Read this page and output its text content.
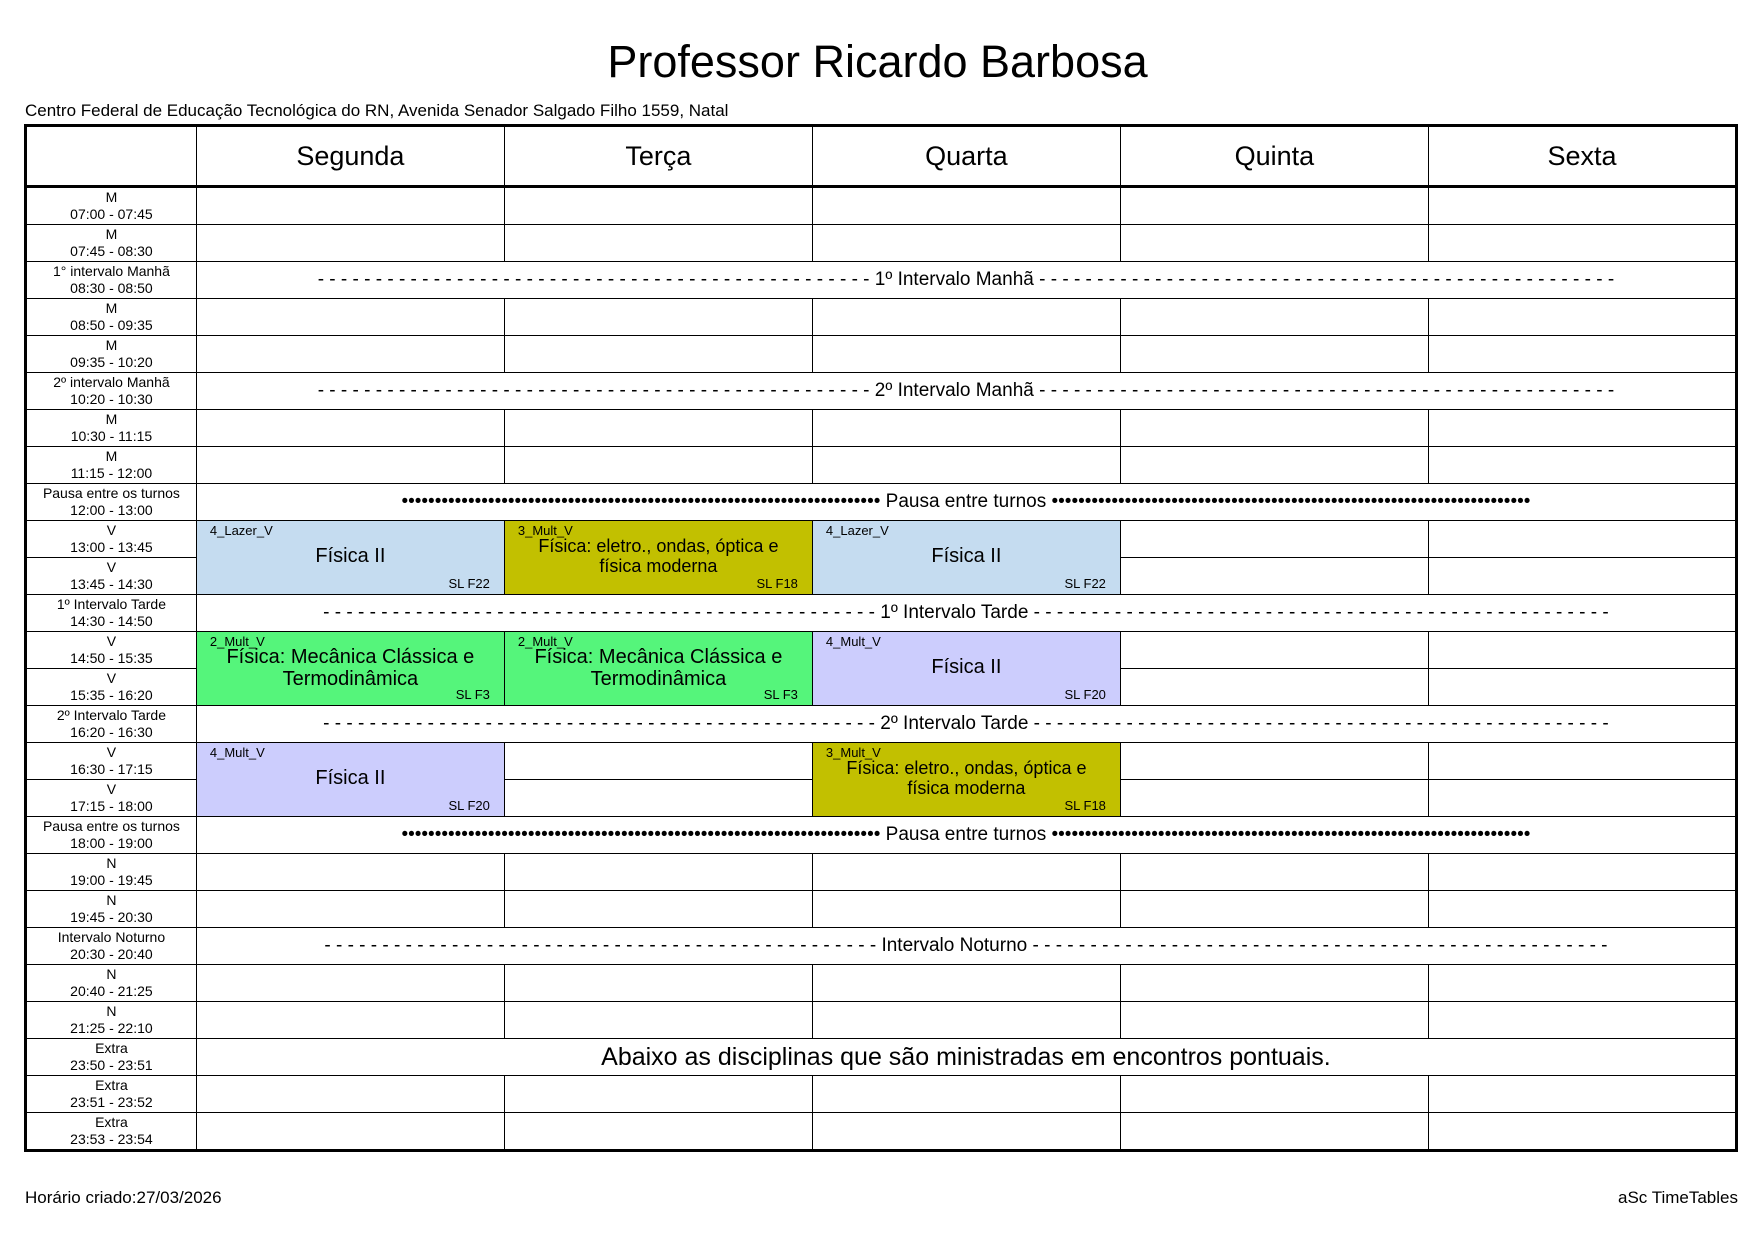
Professor Ricardo Barbosa
Centro Federal de Educação Tecnológica do RN, Avenida Senador Salgado Filho 1559, Natal
	Segunda	Terça	Quarta	Quinta	Sexta

M
07:00 - 07:45					

M
07:45 - 08:30					

1° intervalo Manhã
08:30 - 08:50	- - - - - - - - - - - - - - - - - - - - - - - - - - - - - - - - - - - - - - - - - - - - - - - - 1º Intervalo Manhã - - - - - - - - - - - - - - - - - - - - - - - - - - - - - - - - - - - - - - - - - - - - - - - - - -				

M
08:50 - 09:35					

M
09:35 - 10:20					

2º intervalo Manhã
10:20 - 10:30	- - - - - - - - - - - - - - - - - - - - - - - - - - - - - - - - - - - - - - - - - - - - - - - - 2º Intervalo Manhã - - - - - - - - - - - - - - - - - - - - - - - - - - - - - - - - - - - - - - - - - - - - - - - - - -				

M
10:30 - 11:15					

M
11:15 - 12:00					

Pausa entre os turnos
12:00 - 13:00	•••••••••••••••••••••••••••••••••••••••••••••••••••••••••••••••••••••••• Pausa entre turnos ••••••••••••••••••••••••••••••••••••••••••••••••••••••••••••••••••••••••				

V
13:00 - 13:45	4_Lazer_V
Física II
SL F22	3_Mult_V
Física: eletro., ondas, óptica e física moderna
SL F18	4_Lazer_V
Física II
SL F22		

V
13:45 - 14:30					

1º Intervalo Tarde
14:30 - 14:50	- - - - - - - - - - - - - - - - - - - - - - - - - - - - - - - - - - - - - - - - - - - - - - - - 1º Intervalo Tarde - - - - - - - - - - - - - - - - - - - - - - - - - - - - - - - - - - - - - - - - - - - - - - - - - -				

V
14:50 - 15:35	2_Mult_V
Física: Mecânica Clássica e Termodinâmica
SL F3	2_Mult_V
Física: Mecânica Clássica e Termodinâmica
SL F3	4_Mult_V
Física II
SL F20		

V
15:35 - 16:20					

2º Intervalo Tarde
16:20 - 16:30	- - - - - - - - - - - - - - - - - - - - - - - - - - - - - - - - - - - - - - - - - - - - - - - - 2º Intervalo Tarde - - - - - - - - - - - - - - - - - - - - - - - - - - - - - - - - - - - - - - - - - - - - - - - - - -				

V
16:30 - 17:15	4_Mult_V
Física II
SL F20		3_Mult_V
Física: eletro., ondas, óptica e física moderna
SL F18		

V
17:15 - 18:00					

Pausa entre os turnos
18:00 - 19:00	•••••••••••••••••••••••••••••••••••••••••••••••••••••••••••••••••••••••• Pausa entre turnos ••••••••••••••••••••••••••••••••••••••••••••••••••••••••••••••••••••••••				

N
19:00 - 19:45					

N
19:45 - 20:30					

Intervalo Noturno
20:30 - 20:40	- - - - - - - - - - - - - - - - - - - - - - - - - - - - - - - - - - - - - - - - - - - - - - - - Intervalo Noturno - - - - - - - - - - - - - - - - - - - - - - - - - - - - - - - - - - - - - - - - - - - - - - - - - -				

N
20:40 - 21:25					

N
21:25 - 22:10					

Extra
23:50 - 23:51	Abaixo as disciplinas que são ministradas em encontros pontuais.				

Extra
23:51 - 23:52					

Extra
23:53 - 23:54					

Horário criado:27/03/2026	aSc TimeTables
